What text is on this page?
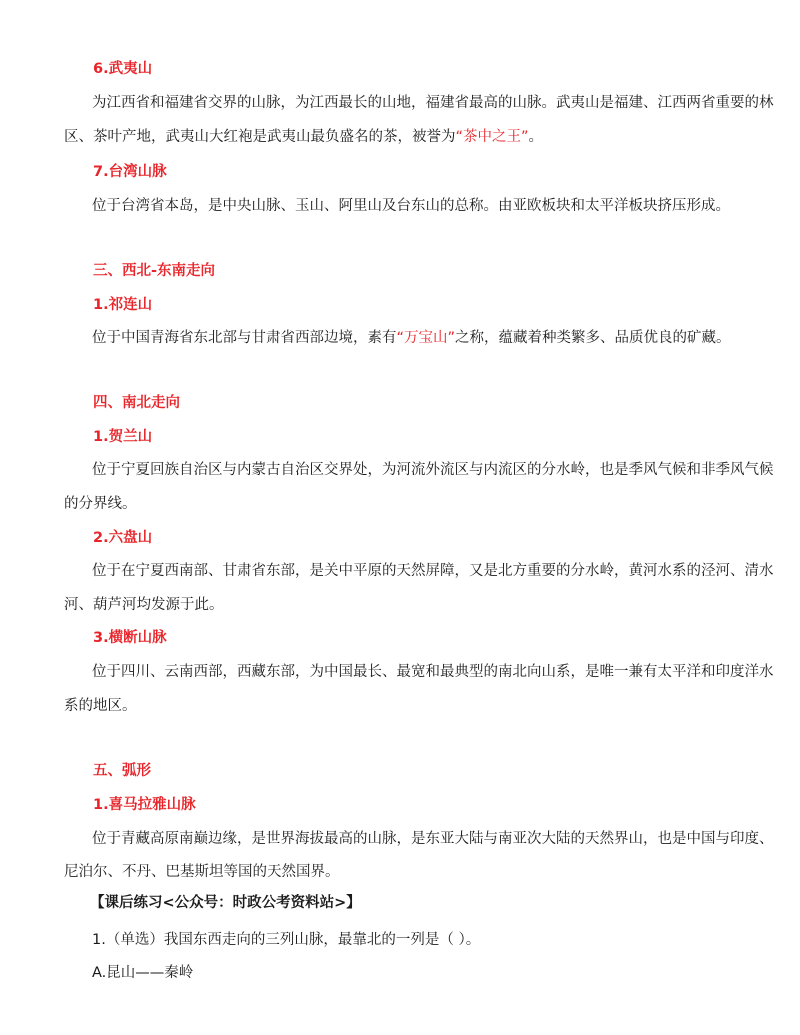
6.武夷山
为江西省和福建省交界的山脉，为江西最长的山地，福建省最高的山脉。武夷山是福建、江西两省重要的林
区、茶叶产地，武夷山大红袍是武夷山最负盛名的茶，被誉为“茶中之王”。
7.台湾山脉
位于台湾省本岛，是中央山脉、玉山、阿里山及台东山的总称。由亚欧板块和太平洋板块挤压形成。
三、西北-东南走向
1.祁连山
位于中国青海省东北部与甘肃省西部边境，素有“万宝山”之称，蕴藏着种类繁多、品质优良的矿藏。
四、南北走向
1.贺兰山
位于宁夏回族自治区与内蒙古自治区交界处，为河流外流区与内流区的分水岭，也是季风气候和非季风气候
的分界线。
2.六盘山
位于在宁夏西南部、甘肃省东部，是关中平原的天然屏障，又是北方重要的分水岭，黄河水系的泾河、清水
河、葫芦河均发源于此。
3.横断山脉
位于四川、云南西部，西藏东部，为中国最长、最宽和最典型的南北向山系，是唯一兼有太平洋和印度洋水
系的地区。
五、弧形
1.喜马拉雅山脉
位于青藏高原南巅边缘，是世界海拔最高的山脉，是东亚大陆与南亚次大陆的天然界山，也是中国与印度、
尼泊尔、不丹、巴基斯坦等国的天然国界。
【课后练习<公众号：时政公考资料站>】
1.（单选）我国东西走向的三列山脉，最靠北的一列是（ ）。
A.昆山——秦岭
